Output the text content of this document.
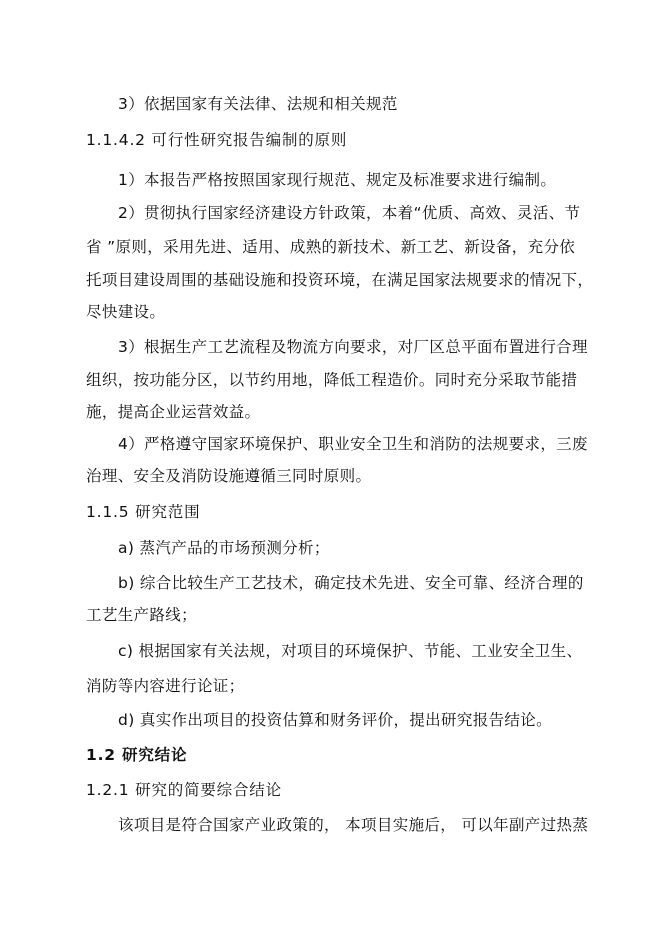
3）依据国家有关法律、法规和相关规范
1.1.4.2 可行性研究报告编制的原则
1）本报告严格按照国家现行规范、规定及标准要求进行编制。
2）贯彻执行国家经济建设方针政策，本着“优质、高效、灵活、节
省 ”原则，采用先进、适用、成熟的新技术、新工艺、新设备，充分依
托项目建设周围的基础设施和投资环境，在满足国家法规要求的情况下，
尽快建设。
3）根据生产工艺流程及物流方向要求，对厂区总平面布置进行合理
组织，按功能分区，以节约用地，降低工程造价。同时充分采取节能措
施，提高企业运营效益。
4）严格遵守国家环境保护、职业安全卫生和消防的法规要求，三废
治理、安全及消防设施遵循三同时原则。
1.1.5 研究范围
a) 蒸汽产品的市场预测分析；
b) 综合比较生产工艺技术，确定技术先进、安全可靠、经济合理的
工艺生产路线；
c) 根据国家有关法规，对项目的环境保护、节能、工业安全卫生、
消防等内容进行论证；
d) 真实作出项目的投资估算和财务评价，提出研究报告结论。
1.2 研究结论
1.2.1 研究的简要综合结论
该项目是符合国家产业政策的， 本项目实施后， 可以年副产过热蒸
